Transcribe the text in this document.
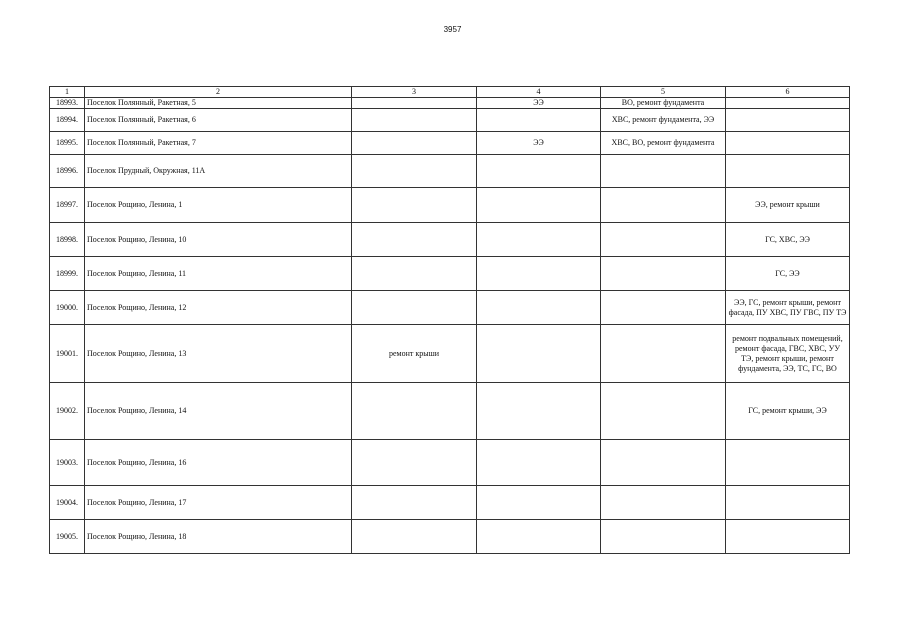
3957
1	2	3	4	5	6
18993.	Поселок Полянный, Ракетная, 5		ЭЭ	ВО, ремонт фундамента	
18994.	Поселок Полянный, Ракетная, 6			ХВС, ремонт фундамента, ЭЭ	
18995.	Поселок Полянный, Ракетная, 7		ЭЭ	ХВС, ВО, ремонт фундамента	
18996.	Поселок Прудный, Окружная, 11А				
18997.	Поселок Рощино, Ленина, 1				ЭЭ, ремонт крыши
18998.	Поселок Рощино, Ленина, 10				ГС, ХВС, ЭЭ
18999.	Поселок Рощино, Ленина, 11				ГС, ЭЭ
19000.	Поселок Рощино, Ленина, 12				ЭЭ, ГС, ремонт крыши, ремонт фасада, ПУ ХВС, ПУ ГВС, ПУ ТЭ
19001.	Поселок Рощино, Ленина, 13	ремонт крыши			ремонт подвальных помещений, ремонт фасада, ГВС, ХВС, УУ ТЭ, ремонт крыши, ремонт фундамента, ЭЭ, ТС, ГС, ВО
19002.	Поселок Рощино, Ленина, 14				ГС, ремонт крыши, ЭЭ
19003.	Поселок Рощино, Ленина, 16				
19004.	Поселок Рощино, Ленина, 17				
19005.	Поселок Рощино, Ленина, 18				
